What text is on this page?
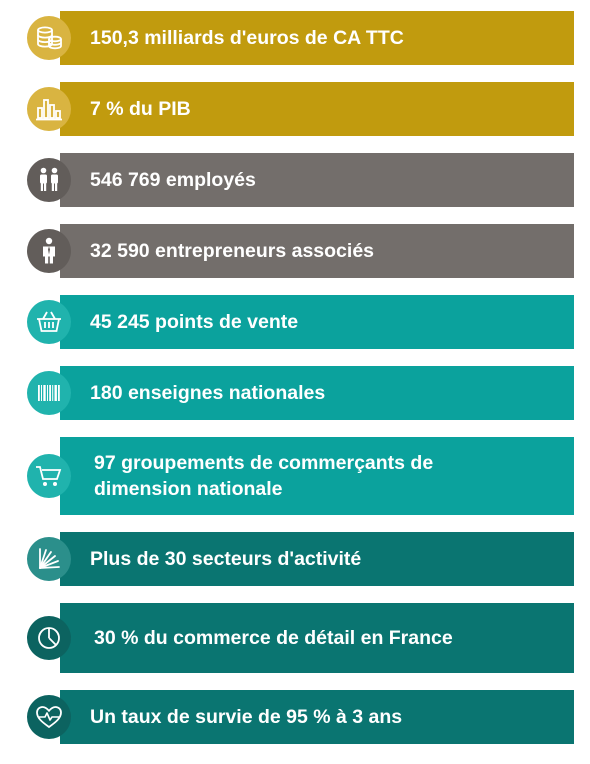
150,3 milliards d'euros de CA TTC
7 % du PIB
546 769 employés
32 590 entrepreneurs associés
45 245 points de vente
180 enseignes nationales
97 groupements de commerçants de dimension nationale
Plus de 30 secteurs d'activité
30 % du commerce de détail en France
Un taux de survie de 95 % à 3 ans
